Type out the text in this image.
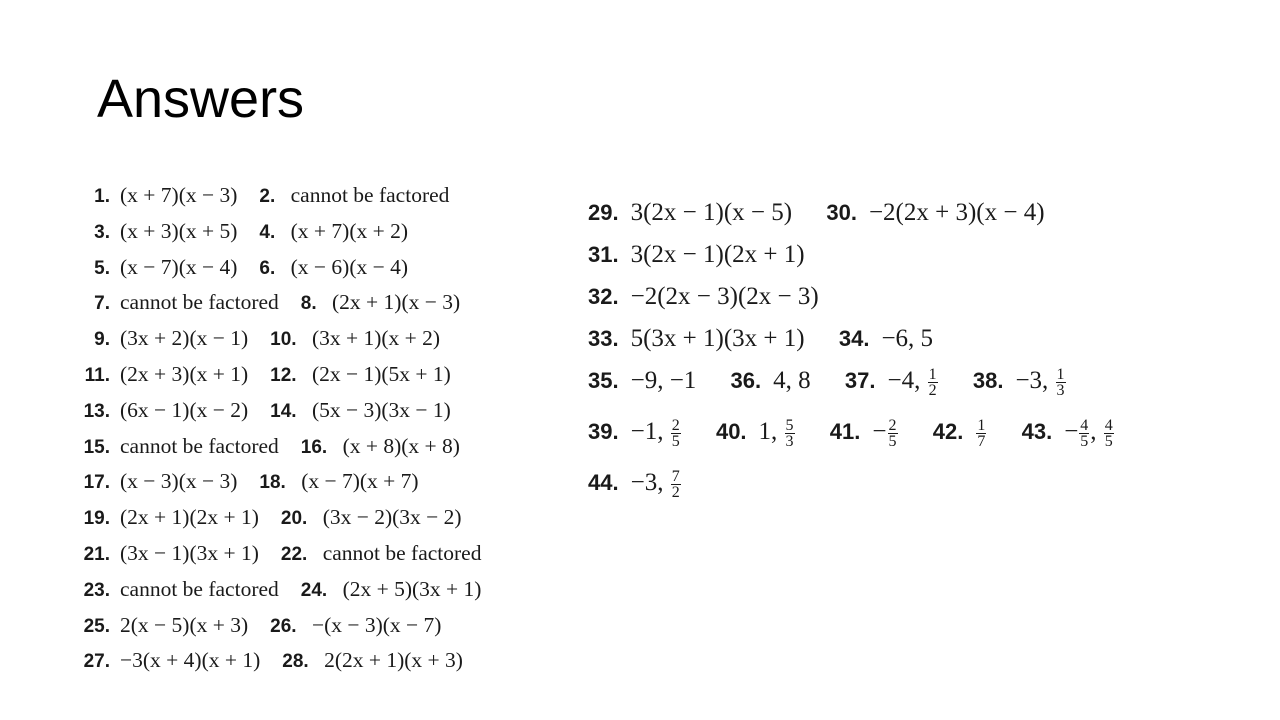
Answers
1. (x + 7)(x − 3) 2. cannot be factored
3. (x + 3)(x + 5) 4. (x + 7)(x + 2)
5. (x − 7)(x − 4) 6. (x − 6)(x − 4)
7. cannot be factored 8. (2x + 1)(x − 3)
9. (3x + 2)(x − 1) 10. (3x + 1)(x + 2)
11. (2x + 3)(x + 1) 12. (2x − 1)(5x + 1)
13. (6x − 1)(x − 2) 14. (5x − 3)(3x − 1)
15. cannot be factored 16. (x + 8)(x + 8)
17. (x − 3)(x − 3) 18. (x − 7)(x + 7)
19. (2x + 1)(2x + 1) 20. (3x − 2)(3x − 2)
21. (3x − 1)(3x + 1) 22. cannot be factored
23. cannot be factored 24. (2x + 5)(3x + 1)
25. 2(x − 5)(x + 3) 26. −(x − 3)(x − 7)
27. −3(x + 4)(x + 1) 28. 2(2x + 1)(x + 3)
29. 3(2x − 1)(x − 5) 30. −2(2x + 3)(x − 4)
31. 3(2x − 1)(2x + 1)
32. −2(2x − 3)(2x − 3)
33. 5(3x + 1)(3x + 1) 34. −6, 5
35. −9, −1 36. 4, 8 37. −4, $\frac{1}{2} 38$. −3, $\frac{1}{3}$
39. −1, $\frac{2}{5} 40$. 1, $\frac{5}{3} 41$. − $\frac{2}{5} 42$. $\frac{1}{7} 43$. − $\frac{4}{5}$ , $\frac{4}{5}$
44. −3, $\frac{7}{2}$
